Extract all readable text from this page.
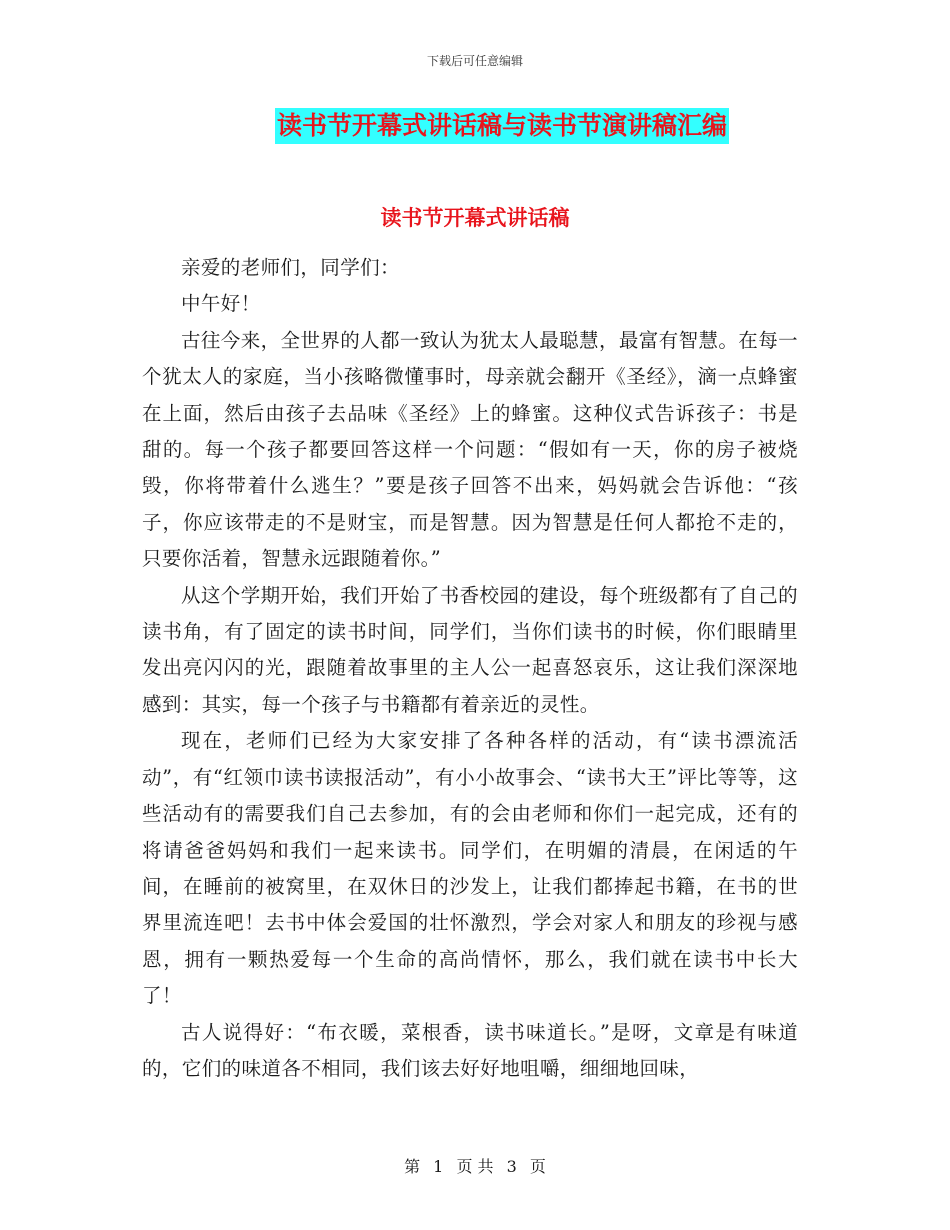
下载后可任意编辑
读书节开幕式讲话稿与读书节演讲稿汇编
读书节开幕式讲话稿

亲爱的老师们，同学们：

中午好！

古往今来，全世界的人都一致认为犹太人最聪慧，最富有智慧。在每一个犹太人的家庭，当小孩略微懂事时，母亲就会翻开《圣经》，滴一点蜂蜜在上面，然后由孩子去品味《圣经》上的蜂蜜。这种仪式告诉孩子：书是甜的。每一个孩子都要回答这样一个问题：“假如有一天，你的房子被烧毁，你将带着什么逃生？”要是孩子回答不出来，妈妈就会告诉他：“孩子，你应该带走的不是财宝，而是智慧。因为智慧是任何人都抢不走的，只要你活着，智慧永远跟随着你。”

从这个学期开始，我们开始了书香校园的建设，每个班级都有了自己的读书角，有了固定的读书时间，同学们，当你们读书的时候，你们眼睛里发出亮闪闪的光，跟随着故事里的主人公一起喜怒哀乐，这让我们深深地感到：其实，每一个孩子与书籍都有着亲近的灵性。

现在，老师们已经为大家安排了各种各样的活动，有“读书漂流活动”，有“红领巾读书读报活动”，有小小故事会、“读书大王”评比等等，这些活动有的需要我们自己去参加，有的会由老师和你们一起完成，还有的将请爸爸妈妈和我们一起来读书。同学们，在明媚的清晨，在闲适的午间，在睡前的被窝里，在双休日的沙发上，让我们都捧起书籍，在书的世界里流连吧！去书中体会爱国的壮怀激烈，学会对家人和朋友的珍视与感恩，拥有一颗热爱每一个生命的高尚情怀，那么，我们就在读书中长大了！

古人说得好：“布衣暖，菜根香，读书味道长。”是呀，文章是有味道的，它们的味道各不相同，我们该去好好地咀嚼，细细地回味，

第 1 页 共 3 页
